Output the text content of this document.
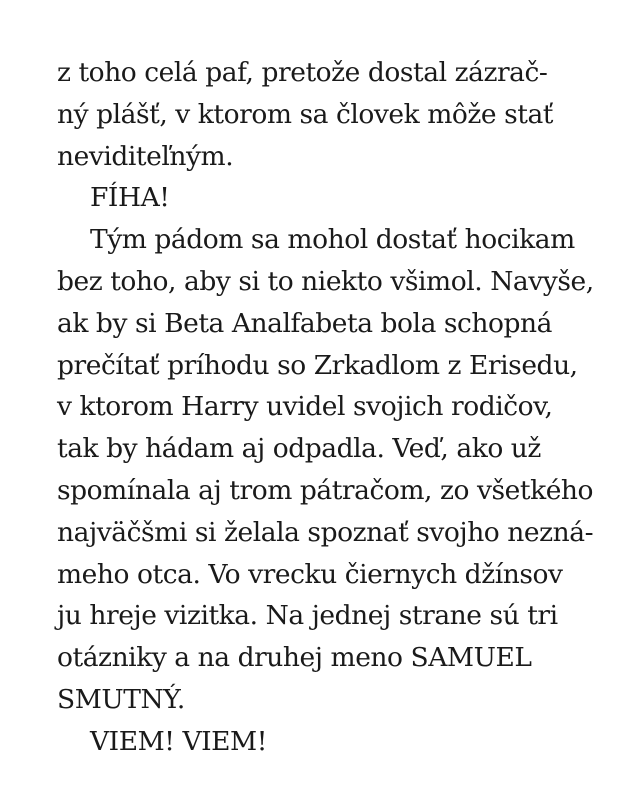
z toho celá paf, pretože dostal zázrač-
ný plášť, v ktorom sa človek môže stať
neviditeľným.
FÍHA!
Tým pádom sa mohol dostať hocikam
bez toho, aby si to niekto všimol. Navyše,
ak by si Beta Analfabeta bola schopná
prečítať príhodu so Zrkadlom z Erisedu,
v ktorom Harry uvidel svojich rodičov,
tak by hádam aj odpadla. Veď, ako už
spomínala aj trom pátračom, zo všetkého
najväčšmi si želala spoznať svojho nezná-
meho otca. Vo vrecku čiernych džínsov
ju hreje vizitka. Na jednej strane sú tri
otázniky a na druhej meno SAMUEL
SMUTNÝ.
VIEM! VIEM!
